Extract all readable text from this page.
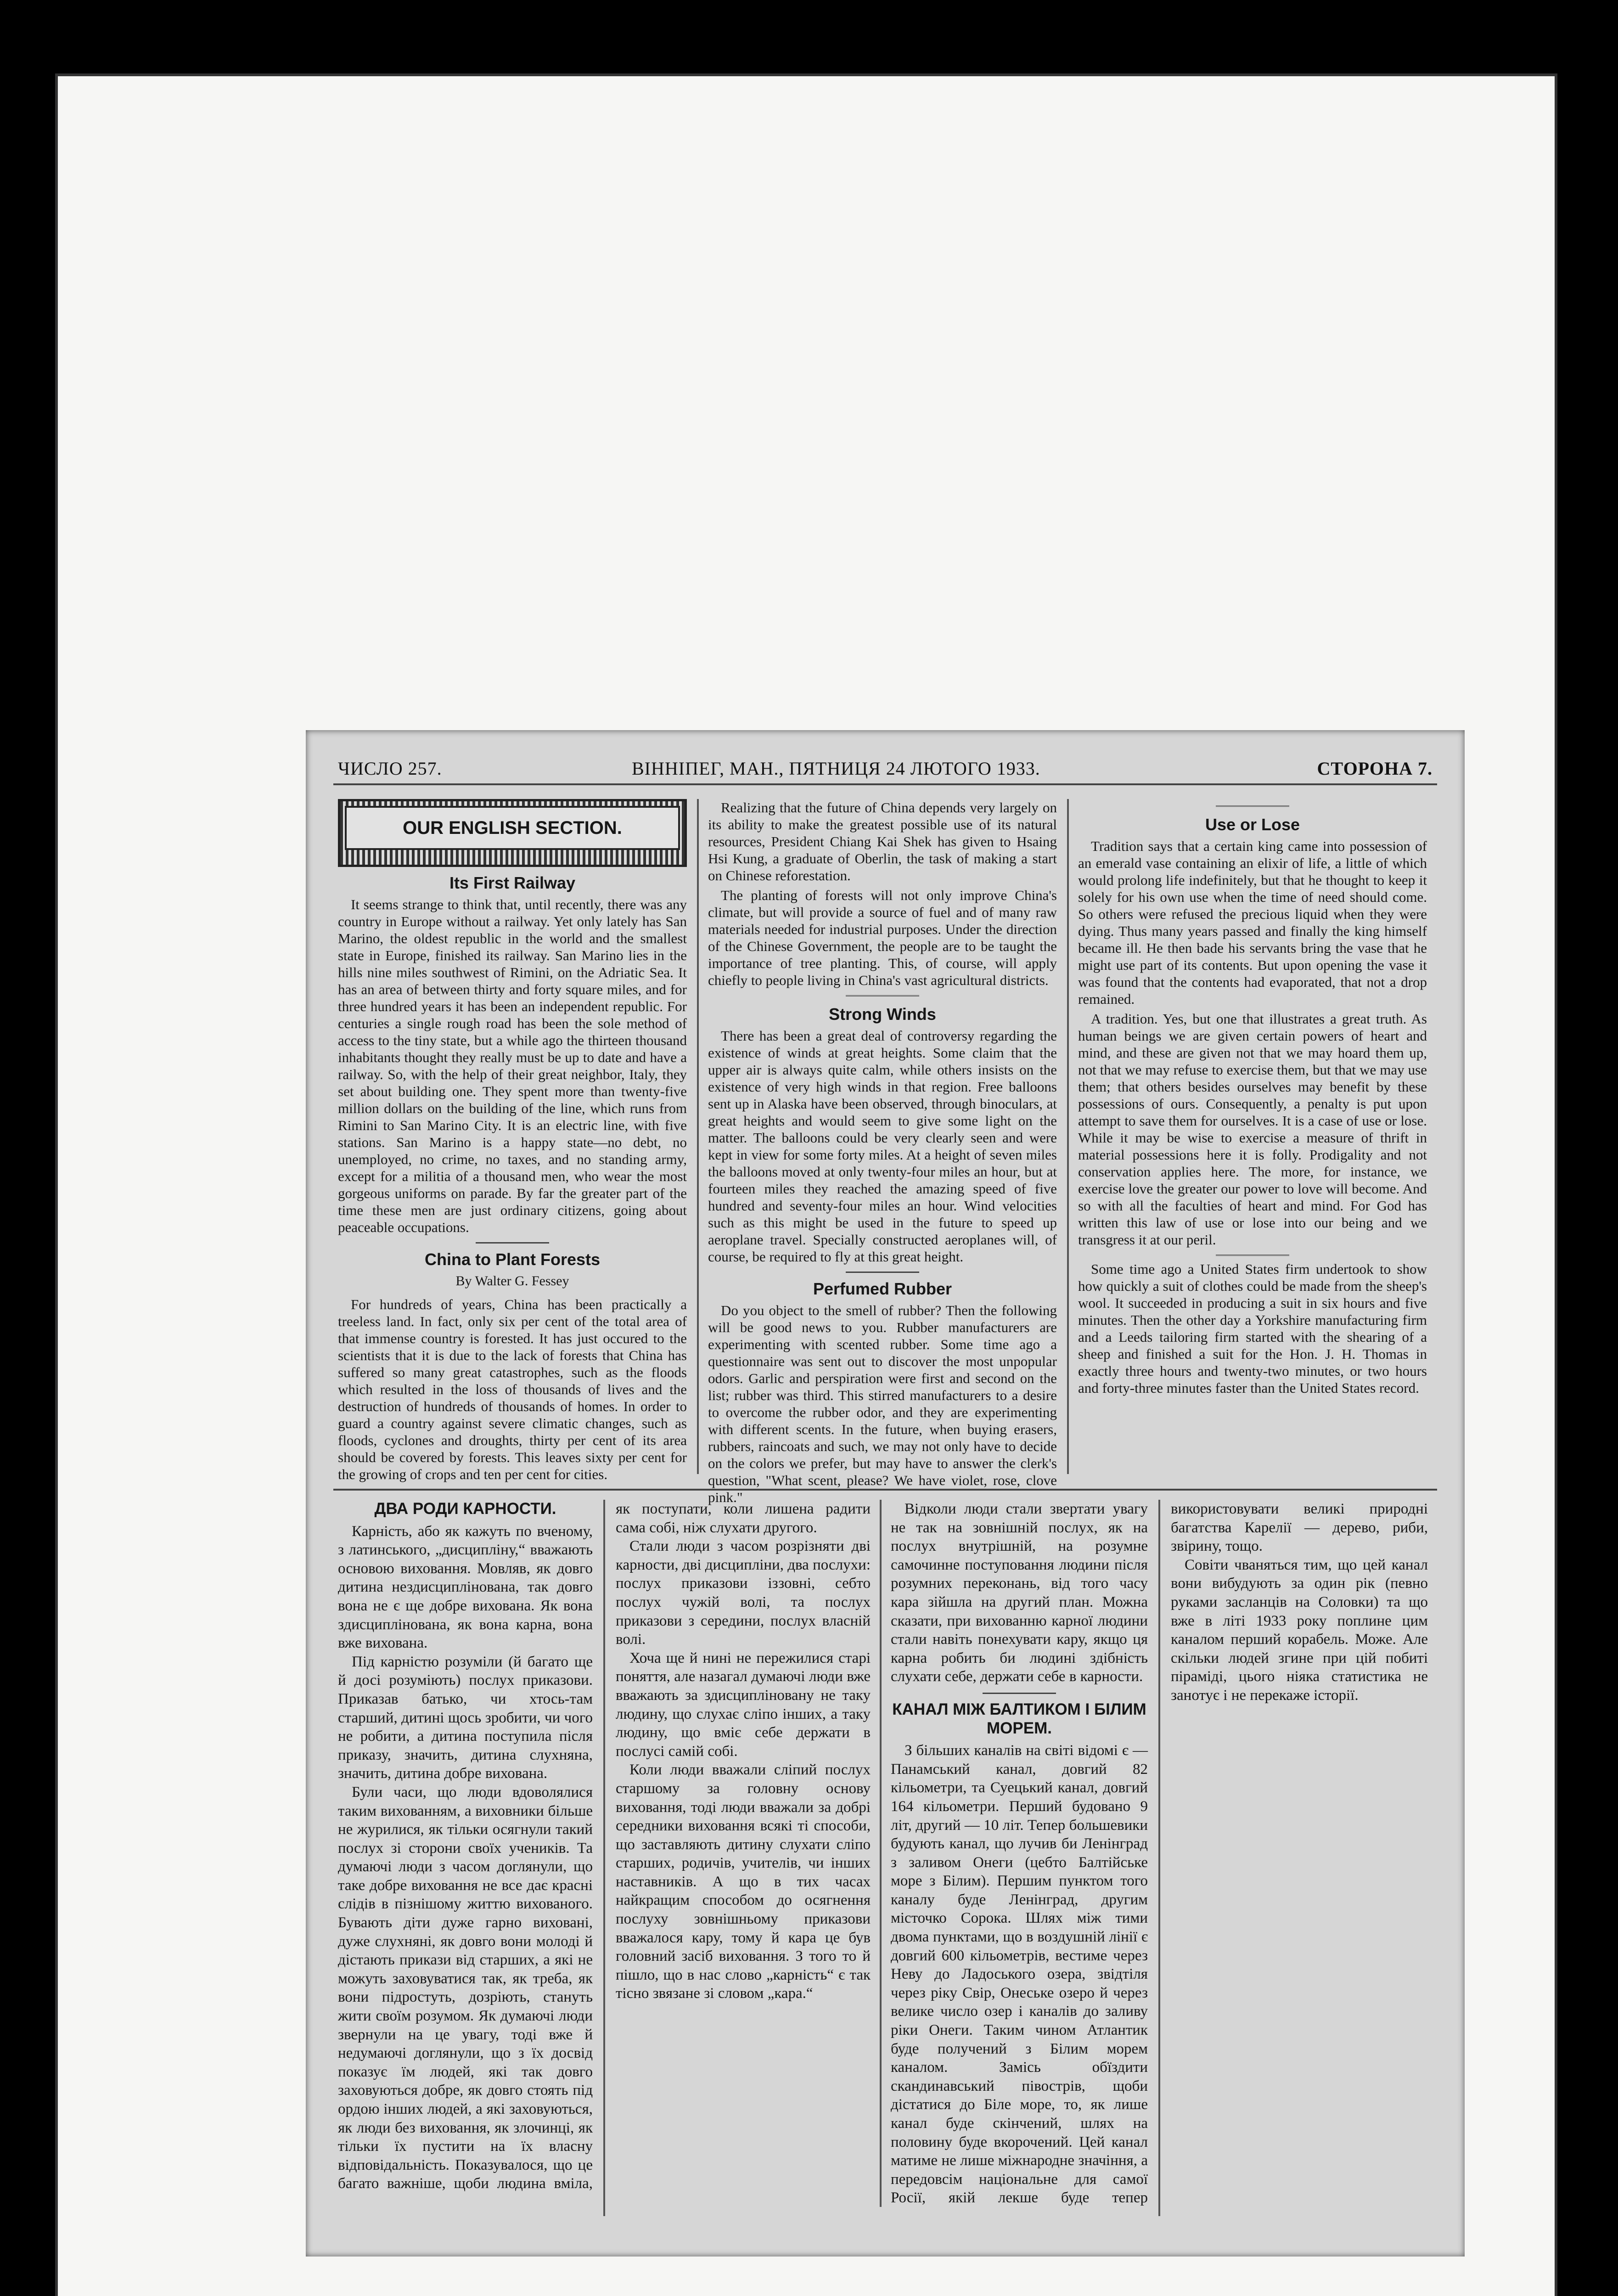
ЧИСЛО 257.	ВІННІПЕГ, МАН., ПЯТНИЦЯ 24 ЛЮТОГО 1933.	СТОРОНА 7.
OUR ENGLISH SECTION.
Its First Railway

It seems strange to think that, until recently, there was any country in Europe without a railway. Yet only lately has San Marino, the oldest republic in the world and the smallest state in Europe, finished its railway. San Marino lies in the hills nine miles southwest of Rimini, on the Adriatic Sea. It has an area of between thirty and forty square miles, and for three hundred years it has been an independent republic. For centuries a single rough road has been the sole method of access to the tiny state, but a while ago the thirteen thousand inhabitants thought they really must be up to date and have a railway. So, with the help of their great neighbor, Italy, they set about building one. They spent more than twenty-five million dollars on the building of the line, which runs from Rimini to San Marino City. It is an electric line, with five stations. San Marino is a happy state—no debt, no unemployed, no crime, no taxes, and no standing army, except for a militia of a thousand men, who wear the most gorgeous uniforms on parade. By far the greater part of the time these men are just ordinary citizens, going about peaceable occupations.

China to Plant Forests
By Walter G. Fessey

For hundreds of years, China has been practically a treeless land. In fact, only six per cent of the total area of that immense country is forested. It has just occured to the scientists that it is due to the lack of forests that China has suffered so many great catastrophes, such as the floods which resulted in the loss of thousands of lives and the destruction of hundreds of thousands of homes. In order to guard a country against severe climatic changes, such as floods, cyclones and droughts, thirty per cent of its area should be covered by forests. This leaves sixty per cent for the growing of crops and ten per cent for cities.

Realizing that the future of China depends very largely on its ability to make the greatest possible use of its natural resources, President Chiang Kai Shek has given to Hsaing Hsi Kung, a graduate of Oberlin, the task of making a start on Chinese reforestation.

The planting of forests will not only improve China's climate, but will provide a source of fuel and of many raw materials needed for industrial purposes. Under the direction of the Chinese Government, the people are to be taught the importance of tree planting. This, of course, will apply chiefly to people living in China's vast agricultural districts.

Strong Winds

There has been a great deal of controversy regarding the existence of winds at great heights. Some claim that the upper air is always quite calm, while others insists on the existence of very high winds in that region. Free balloons sent up in Alaska have been observed, through binoculars, at great heights and would seem to give some light on the matter. The balloons could be very clearly seen and were kept in view for some forty miles. At a height of seven miles the balloons moved at only twenty-four miles an hour, but at fourteen miles they reached the amazing speed of five hundred and seventy-four miles an hour. Wind velocities such as this might be used in the future to speed up aeroplane travel. Specially constructed aeroplanes will, of course, be required to fly at this great height.

Perfumed Rubber

Do you object to the smell of rubber? Then the following will be good news to you. Rubber manufacturers are experimenting with scented rubber. Some time ago a questionnaire was sent out to discover the most unpopular odors. Garlic and perspiration were first and second on the list; rubber was third. This stirred manufacturers to a desire to overcome the rubber odor, and they are experimenting with different scents. In the future, when buying erasers, rubbers, raincoats and such, we may not only have to decide on the colors we prefer, but may have to answer the clerk's question, "What scent, please? We have violet, rose, clove pink."

Use or Lose

Tradition says that a certain king came into possession of an emerald vase containing an elixir of life, a little of which would prolong life indefinitely, but that he thought to keep it solely for his own use when the time of need should come. So others were refused the precious liquid when they were dying. Thus many years passed and finally the king himself became ill. He then bade his servants bring the vase that he might use part of its contents. But upon opening the vase it was found that the contents had evaporated, that not a drop remained.

A tradition. Yes, but one that illustrates a great truth. As human beings we are given certain powers of heart and mind, and these are given not that we may hoard them up, not that we may refuse to exercise them, but that we may use them; that others besides ourselves may benefit by these possessions of ours. Consequently, a penalty is put upon attempt to save them for ourselves. It is a case of use or lose. While it may be wise to exercise a measure of thrift in material possessions here it is folly. Prodigality and not conservation applies here. The more, for instance, we exercise love the greater our power to love will become. And so with all the faculties of heart and mind. For God has written this law of use or lose into our being and we transgress it at our peril.

Some time ago a United States firm undertook to show how quickly a suit of clothes could be made from the sheep's wool. It succeeded in producing a suit in six hours and five minutes. Then the other day a Yorkshire manufacturing firm and a Leeds tailoring firm started with the shearing of a sheep and finished a suit for the Hon. J. H. Thomas in exactly three hours and twenty-two minutes, or two hours and forty-three minutes faster than the United States record.

ДВА РОДИ КАРНОСТИ.

Карність, або як кажуть по вченому, з латинського, „дисципліну,“ вважають основою виховання. Мовляв, як довго дитина нездисциплінована, так довго вона не є ще добре вихована. Як вона здисциплінована, як вона карна, вона вже вихована.

Під карністю розуміли (й багато ще й досі розуміють) послух приказови. Приказав батько, чи хтось-там старший, дитині щось зробити, чи чого не робити, а дитина поступила після приказу, значить, дитина слухняна, значить, дитина добре вихована.

Були часи, що люди вдоволялися таким вихованням, а виховники більше не журилися, як тільки осягнули такий послух зі сторони своїх учеників. Та думаючі люди з часом доглянули, що таке добре виховання не все дає красні слідів в пізнішому життю вихованого. Бувають діти дуже гарно виховані, дуже слухняні, як довго вони молоді й дістають прикази від старших, а які не можуть заховуватися так, як треба, як вони підростуть, дозріють, стануть жити своїм розумом. Як думаючі люди звернули на це увагу, тоді вже й недумаючі доглянули, що з їх досвід показує їм людей, які так довго заховуються добре, як довго стоять під ордою інших людей, а які заховуються, як люди без виховання, як злочинці, як тільки їх пустити на їх власну відповідальність. Показувалося, що це багато важніше, щоби людина вміла, як поступати, коли лишена радити сама собі, ніж слухати другого.

Стали люди з часом розрізняти дві карности, дві дисципліни, два послухи: послух приказови іззовні, себто послух чужій волі, та послух приказови з середини, послух власній волі.

Хоча ще й нині не пережилися старі поняття, але назагал думаючі люди вже вважають за здисципліновану не таку людину, що слухає сліпо інших, а таку людину, що вміє себе держати в послусі самій собі.

Коли люди вважали сліпий послух старшому за головну основу виховання, тоді люди вважали за добрі середники виховання всякі ті способи, що заставляють дитину слухати сліпо старших, родичів, учителів, чи інших наставників. А що в тих часах найкращим способом до осягнення послуху зовнішньому приказови вважалося кару, тому й кара це був головний засіб виховання. З того то й пішло, що в нас слово „карність“ є так тісно звязане зі словом „кара.“

Відколи люди стали звертати увагу не так на зовнішній послух, як на послух внутрішній, на розумне самочинне поступовання людини після розумних переконань, від того часу кара зійшла на другий план. Можна сказати, при вихованню карної людини стали навіть понехувати кару, якщо ця карна робить би людині здібність слухати себе, держати себе в карности.

КАНАЛ МІЖ БАЛТИКОМ І БІЛИМ МОРЕМ.

З більших каналів на світі відомі є — Панамський канал, довгий 82 кільометри, та Суецький канал, довгий 164 кільометри. Перший будовано 9 літ, другий — 10 літ. Тепер большевики будують канал, що лучив би Ленінград з заливом Онеги (цебто Балтійське море з Білим). Першим пунктом того каналу буде Ленінград, другим місточко Сорока. Шлях між тими двома пунктами, що в воздушній лінії є довгий 600 кільометрів, вестиме через Неву до Ладоського озера, звідтіля через ріку Свір, Онеське озеро й через велике число озер і каналів до заливу ріки Онеги. Таким чином Атлантик буде получений з Білим морем каналом. Замісь обїздити скандинавський півострів, щоби дістатися до Біле море, то, як лише канал буде скінчений, шлях на половину буде вкорочений. Цей канал матиме не лише міжнародне значіння, а передовсім національне для самої Росії, якій лекше буде тепер використовувати великі природні багатства Карелії — дерево, риби, звірину, тощо.

Совіти чваняться тим, що цей канал вони вибудують за один рік (певно руками засланців на Соловки) та що вже в літі 1933 року поплине цим каналом перший корабель. Може. Але скільки людей згине при цій побиті піраміді, цього ніяка статистика не занотує і не перекаже історії.
